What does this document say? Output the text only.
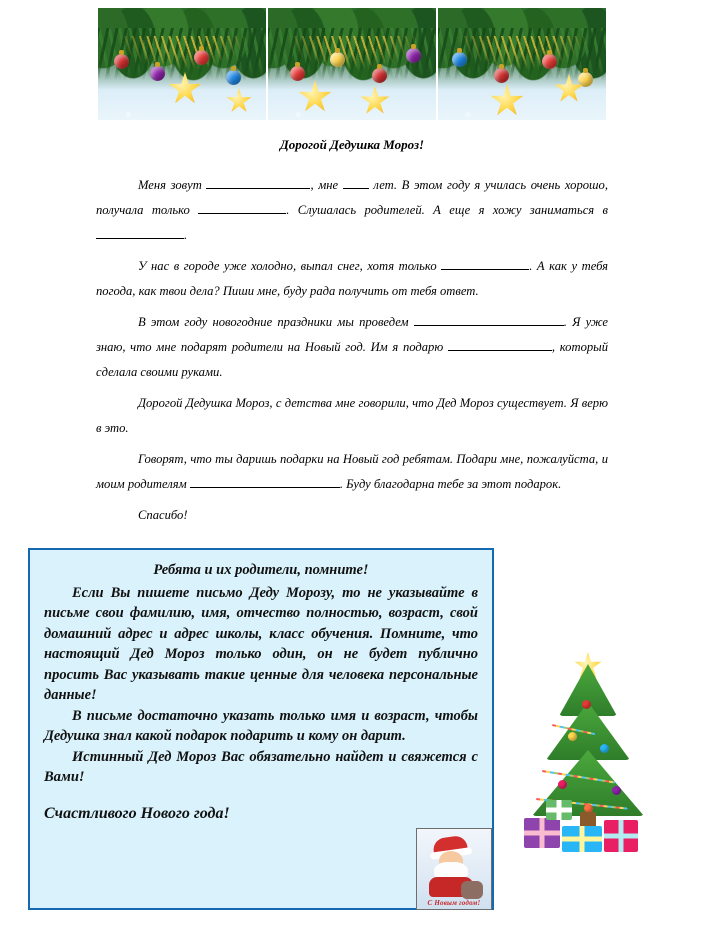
Дорогой Дедушка Мороз!

Меня зовут	, мне  лет. В этом году я училась очень хорошо, получала только	. Слушалась родителей. А еще я хожу заниматься в .

У нас в городе уже холодно, выпал снег, хотя только	. А как у тебя погода, как твои дела? Пиши мне, буду рада получить от тебя ответ.

В этом году новогодние праздники мы проведем	. Я уже знаю, что мне подарят родители на Новый год. Им я подарю	, который сделала своими руками.

Дорогой Дедушка Мороз, с детства мне говорили, что Дед Мороз существует. Я верю в это.

Говорят, что ты даришь подарки на Новый год ребятам. Подари мне, пожалуйста, и моим родителям	. Буду благодарна тебе за этот подарок.

Спасибо!

Ребята и их родители, помните!

Если Вы пишете письмо Деду Морозу, то не указывайте в письме свои фамилию, имя, отчество полностью, возраст, свой домашний адрес и адрес школы, класс обучения. Помните, что настоящий Дед Мороз только один, он не будет публично просить Вас указывать такие ценные для человека персональные данные!

В письме достаточно указать только имя и возраст, чтобы Дедушка знал какой подарок подарить и кому он дарит.

Истинный Дед Мороз Вас обязательно найдет и свяжется с Вами!

Счастливого Нового года!

С Новым годом!
